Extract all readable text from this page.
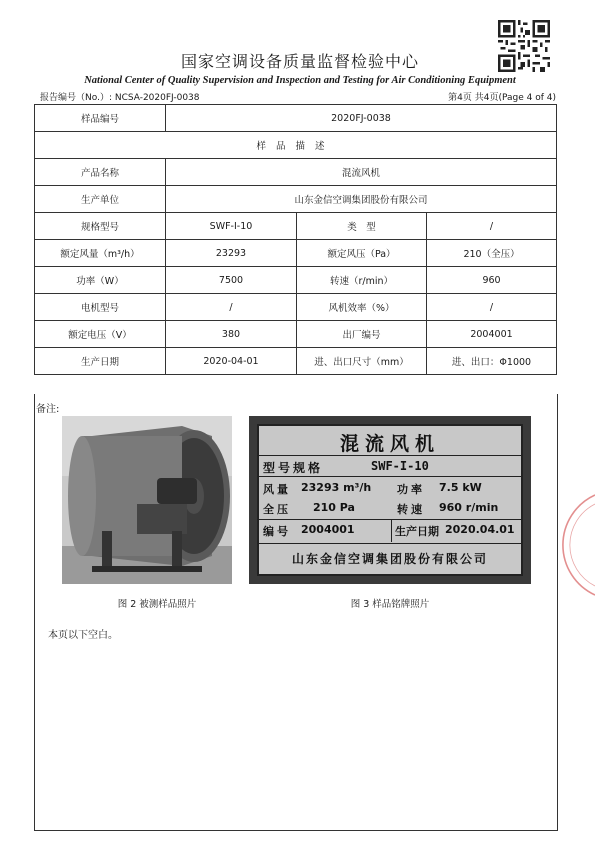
国家空调设备质量监督检验中心
National Center of Quality Supervision and Inspection and Testing for Air Conditioning Equipment
报告编号（No.）: NCSA-2020FJ-0038	第4页 共4页(Page 4 of 4)
样品编号	2020FJ-0038		
样品描述			
产品名称	混流风机		
生产单位	山东金信空调集团股份有限公司		
规格型号	SWF-I-10	类　型	/
额定风量（m³/h）	23293	额定风压（Pa）	210（全压）
功率（W）	7500	转速（r/min）	960
电机型号	/	风机效率（%）	/
额定电压（V）	380	出厂编号	2004001
生产日期	2020-04-01	进、出口尺寸（mm）	进、出口：Φ1000
备注:
混流风机
型号规格	SWF-I-10
风量 23293 m³/h 功率 7.5 kW
全压 210 Pa	转速 960 r/min
编号 2004001	生产日期 2020.04.01
山东金信空调集团股份有限公司
图 2 被测样品照片	图 3 样品铭牌照片
本页以下空白。
